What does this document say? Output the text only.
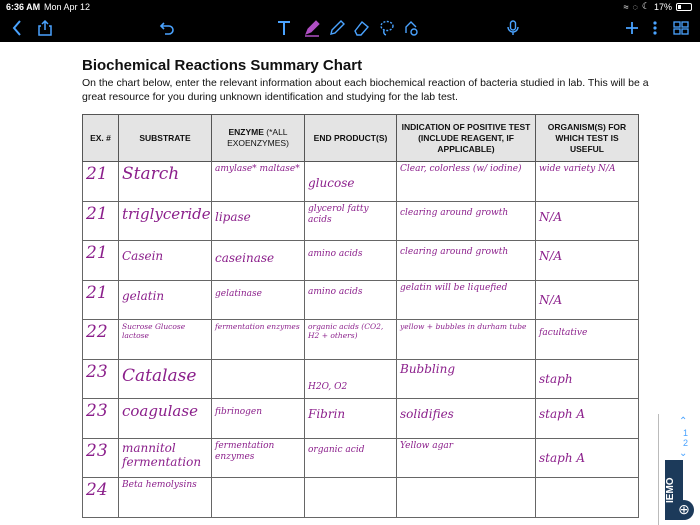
6:36 AM Mon Apr 12	≈ ◌ ☾ 17%
Biochemical Reactions Summary Chart
On the chart below, enter the relevant information about each biochemical reaction of bacteria studied in lab. This will be a great resource for you during unknown identification and studying for the lab test.
EX. #	SUBSTRATE	ENZYME (*ALL EXOENZYMES)	END PRODUCT(S)	INDICATION OF POSITIVE TEST (INCLUDE REAGENT, IF APPLICABLE)	ORGANISM(S) FOR WHICH TEST IS USEFUL

21	Starch	amylase* maltase*	glucose	Clear, colorless (w/ iodine)	wide variety N/A

21	triglyceride	lipase	glycerol fatty acids	clearing around growth	N/A

21	Casein	caseinase	amino acids	clearing around growth	N/A

21	gelatin	gelatinase	amino acids	gelatin will be liquefied	N/A

22	Sucrose Glucose lactose	fermentation enzymes	organic acids (CO2, H2 + others)	yellow + bubbles in durham tube	facultative

23	Catalase		H2O, O2	Bubbling	staph

23	coagulase	fibrinogen	Fibrin	solidifies	staph A

23	mannitol fermentation	fermentation enzymes	organic acid	Yellow agar	staph A

24	Beta hemolysins				

⌃
1
2
⌄
IEMO
⊕
